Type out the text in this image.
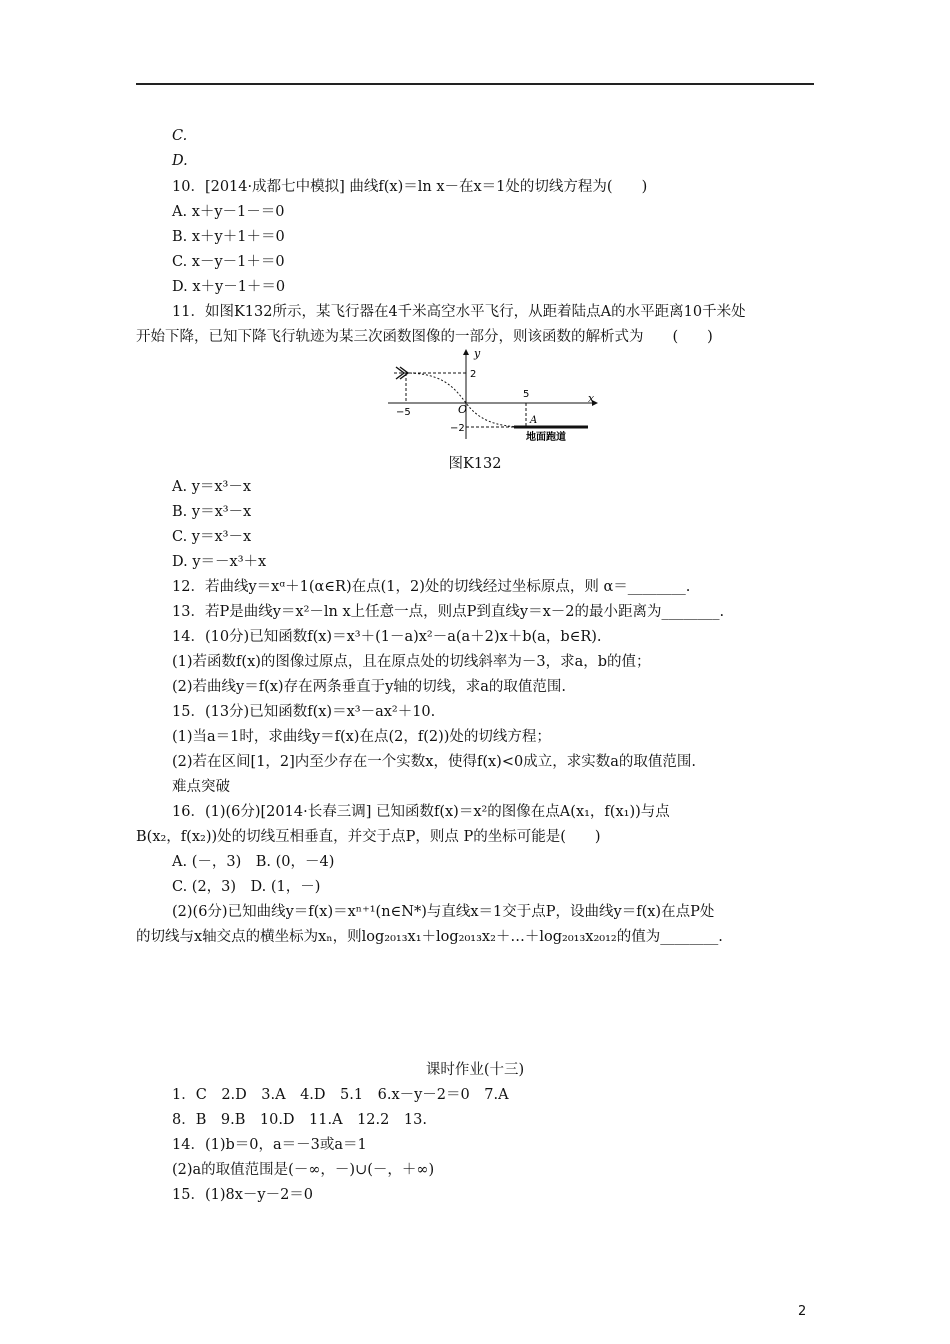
C.
D.
10．[2014·成都七中模拟] 曲线f(x)＝ln x－在x＝1处的切线方程为(　　)
A. x＋y－1－＝0
B. x＋y＋1＋＝0
C. x－y－1＋＝0
D. x＋y－1＋＝0
11．如图K132所示，某飞行器在4千米高空水平飞行，从距着陆点A的水平距离10千米处
开始下降，已知下降飞行轨迹为某三次函数图像的一部分，则该函数的解析式为　　(　　)
y
x
O
2
−2
−5
5
A
地面跑道
图K132
A. y＝x³－x
B. y＝x³－x
C. y＝x³－x
D. y＝－x³＋x
12．若曲线y＝xᵅ＋1(α∈R)在点(1，2)处的切线经过坐标原点，则 α＝________.
13．若P是曲线y＝x²－ln x上任意一点，则点P到直线y＝x－2的最小距离为________.
14．(10分)已知函数f(x)＝x³＋(1－a)x²－a(a＋2)x＋b(a，b∈R).
(1)若函数f(x)的图像过原点，且在原点处的切线斜率为－3，求a，b的值；
(2)若曲线y＝f(x)存在两条垂直于y轴的切线，求a的取值范围.
15．(13分)已知函数f(x)＝x³－ax²＋10.
(1)当a＝1时，求曲线y＝f(x)在点(2，f(2))处的切线方程；
(2)若在区间[1，2]内至少存在一个实数x，使得f(x)<0成立，求实数a的取值范围.
难点突破
16．(1)(6分)[2014·长春三调] 已知函数f(x)＝x²的图像在点A(x₁，f(x₁))与点
B(x₂，f(x₂))处的切线互相垂直，并交于点P，则点 P的坐标可能是(　　)
A. (－，3)　B. (0，－4)
C. (2，3)　D. (1，－)
(2)(6分)已知曲线y＝f(x)＝xⁿ⁺¹(n∈N*)与直线x＝1交于点P，设曲线y＝f(x)在点P处
的切线与x轴交点的横坐标为xₙ，则log₂₀₁₃x₁＋log₂₀₁₃x₂＋…＋log₂₀₁₃x₂₀₁₂的值为________.
课时作业(十三)
1．C　2.D　3.A　4.D　5.1　6.x－y－2＝0　7.A
8．B　9.B　10.D　11.A　12.2　13.
14．(1)b＝0，a＝－3或a＝1
(2)a的取值范围是(－∞，－)∪(－，＋∞)
15．(1)8x－y－2＝0
2
